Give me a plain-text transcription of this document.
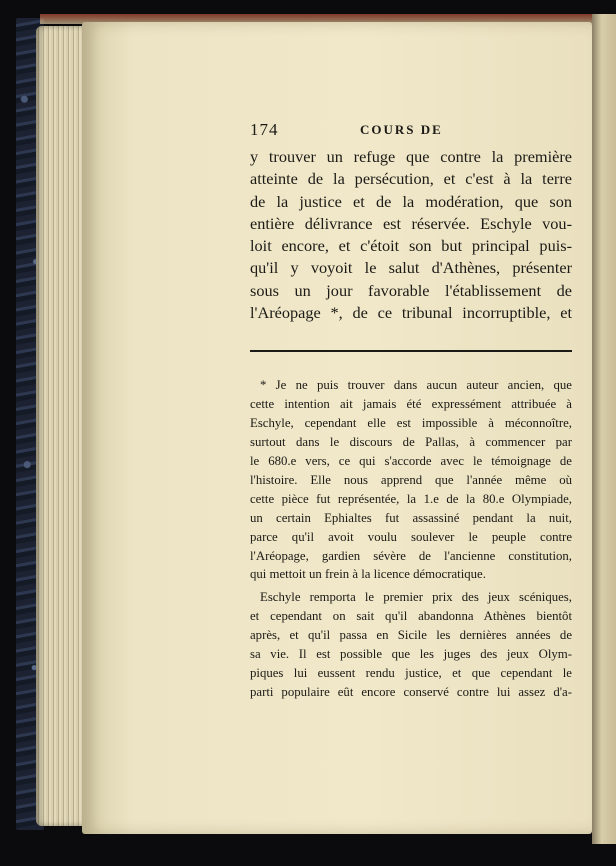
174	COURS DE
y trouver un refuge que contre la première
atteinte de la persécution, et c'est à la terre
de la justice et de la modération, que son
entière délivrance est réservée. Eschyle vou-
loit encore, et c'étoit son but principal puis-
qu'il y voyoit le salut d'Athènes, présenter
sous un jour favorable l'établissement de
l'Aréopage *, de ce tribunal incorruptible, et
* Je ne puis trouver dans aucun auteur ancien, que
cette intention ait jamais été expressément attribuée à
Eschyle, cependant elle est impossible à méconnoître,
surtout dans le discours de Pallas, à commencer par
le 680.e vers, ce qui s'accorde avec le témoignage de
l'histoire. Elle nous apprend que l'année même où
cette pièce fut représentée, la 1.e de la 80.e Olympiade,
un certain Ephialtes fut assassiné pendant la nuit,
parce qu'il avoit voulu soulever le peuple contre
l'Aréopage, gardien sévère de l'ancienne constitution,
qui mettoit un frein à la licence démocratique.
Eschyle remporta le premier prix des jeux scéniques,
et cependant on sait qu'il abandonna Athènes bientôt
après, et qu'il passa en Sicile les dernières années de
sa vie. Il est possible que les juges des jeux Olym-
piques lui eussent rendu justice, et que cependant le
parti populaire eût encore conservé contre lui assez d'a-
